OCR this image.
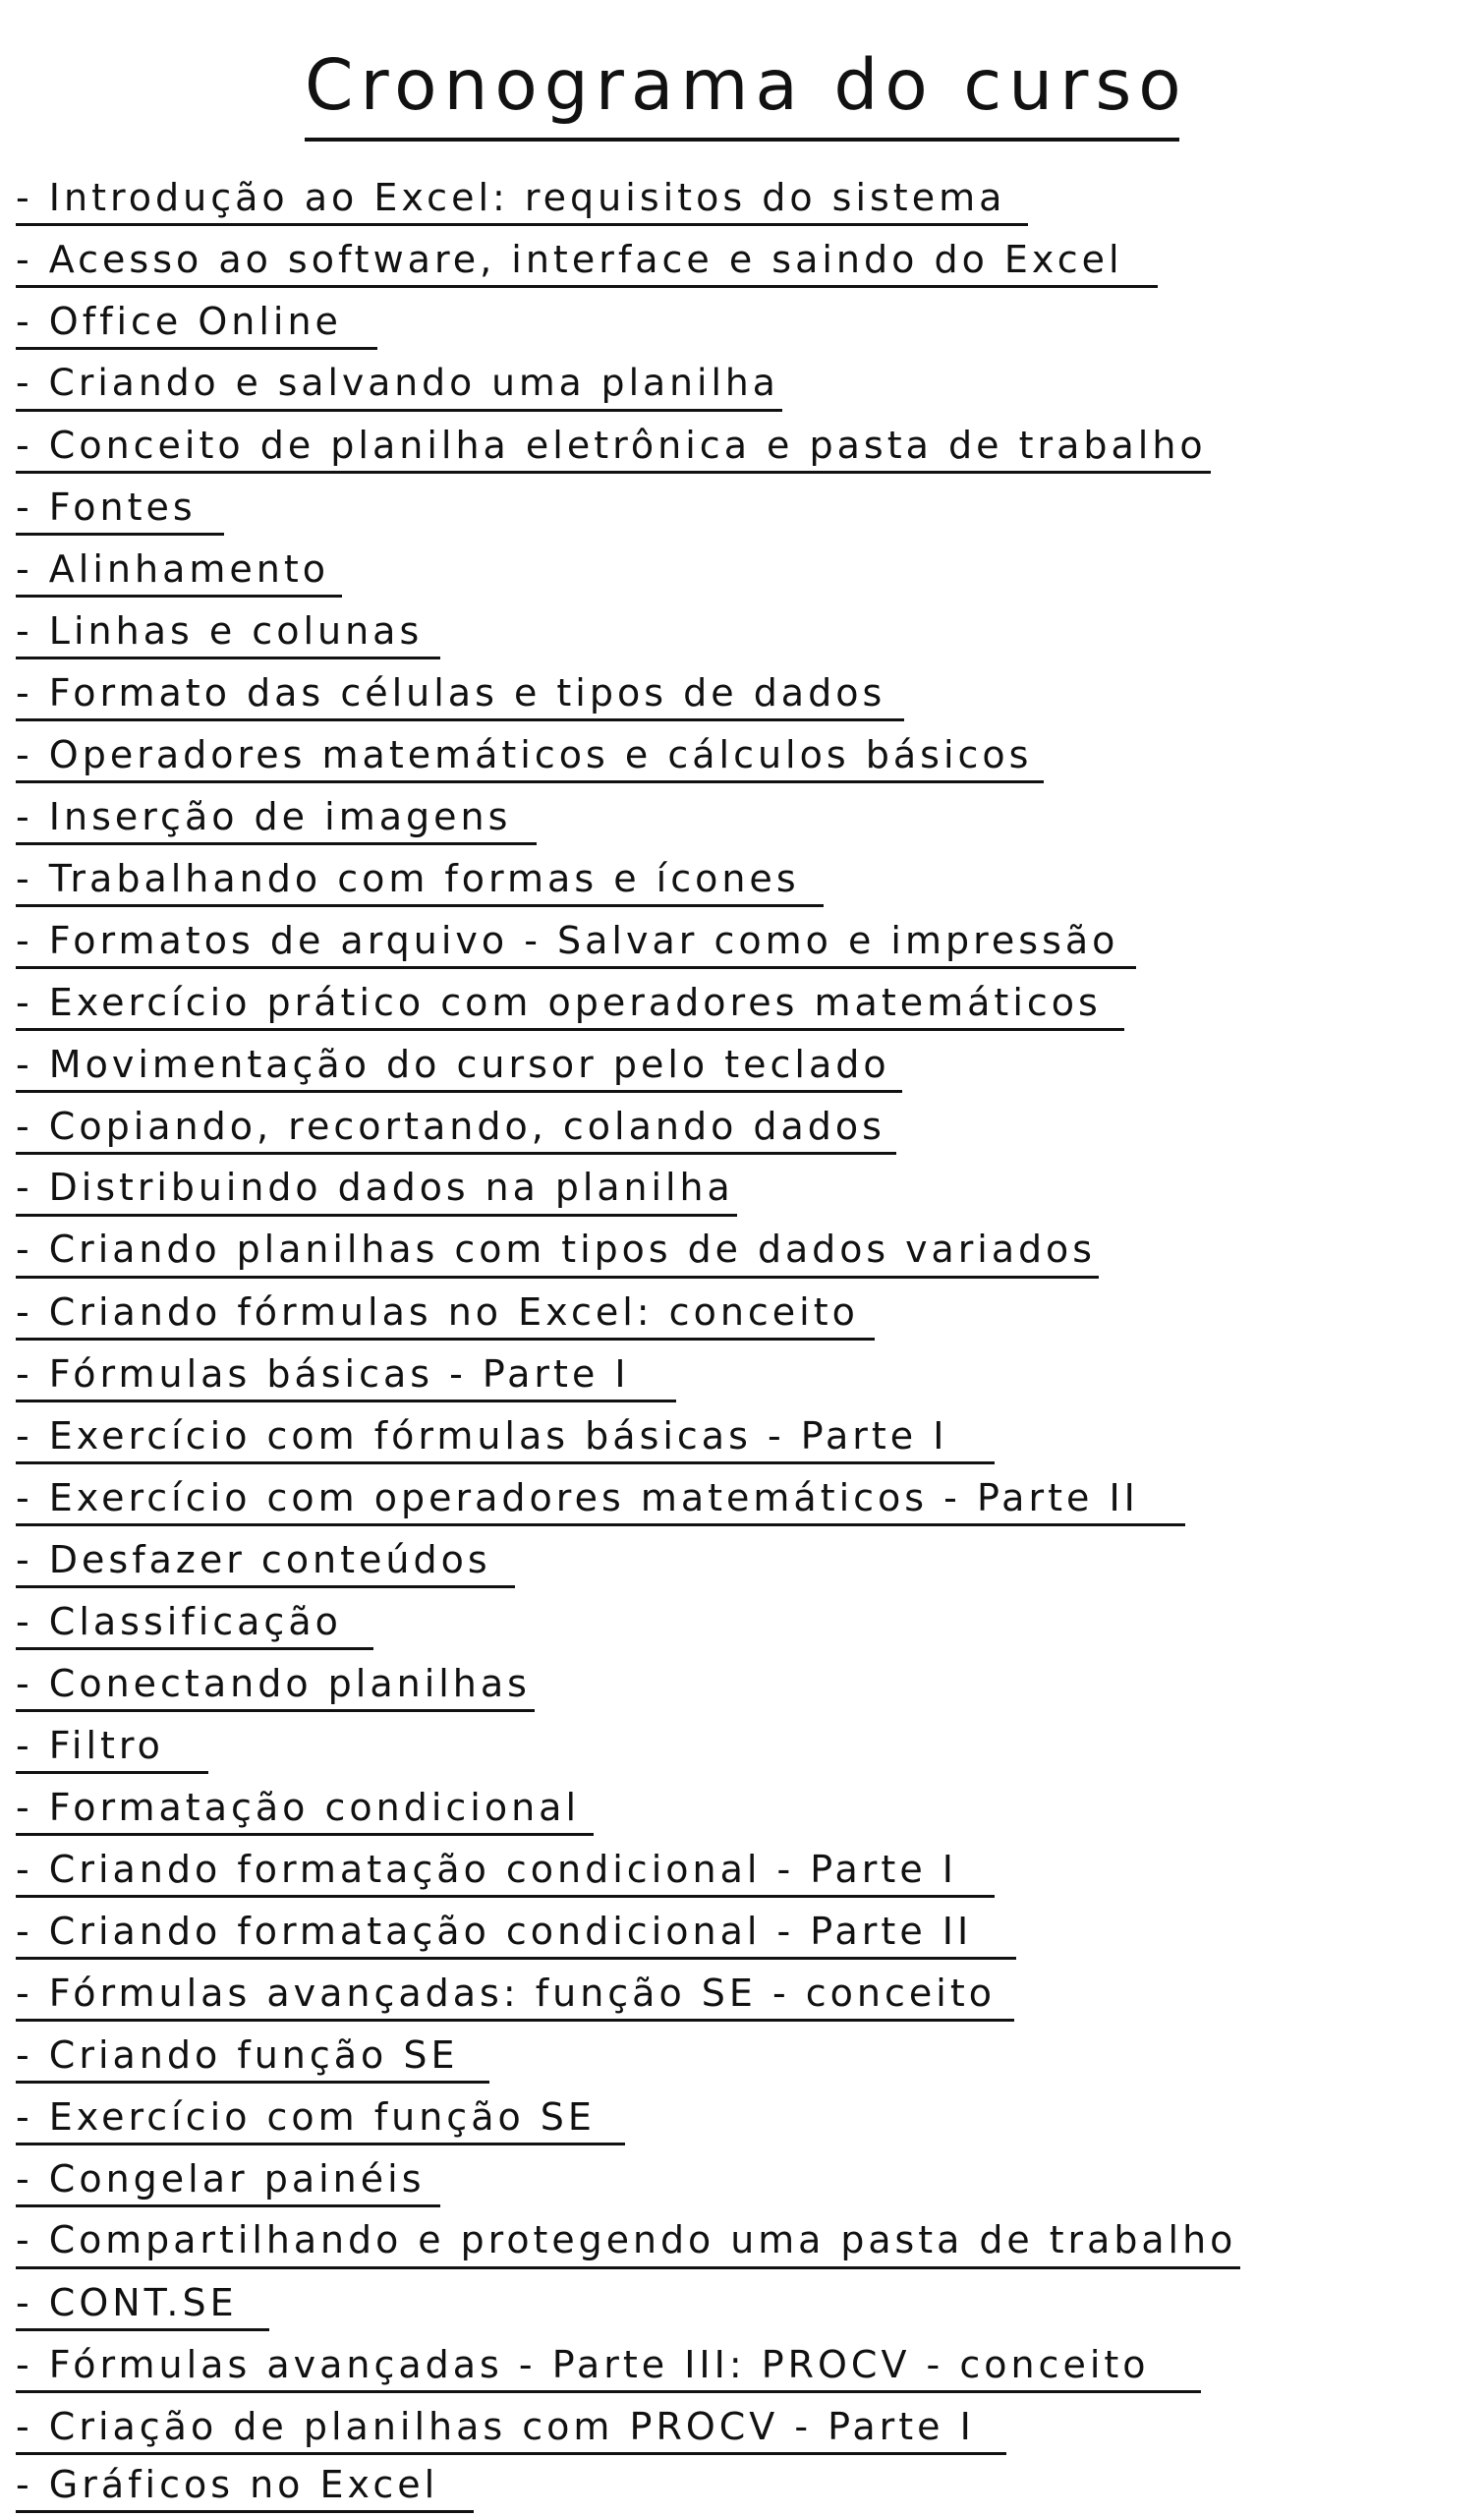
Cronograma do curso
- Introdução ao Excel: requisitos do sistema
- Acesso ao software, interface e saindo do Excel
- Office Online
- Criando e salvando uma planilha
- Conceito de planilha eletrônica e pasta de trabalho
- Fontes
- Alinhamento
- Linhas e colunas
- Formato das células e tipos de dados
- Operadores matemáticos e cálculos básicos
- Inserção de imagens
- Trabalhando com formas e ícones
- Formatos de arquivo - Salvar como e impressão
- Exercício prático com operadores matemáticos
- Movimentação do cursor pelo teclado
- Copiando, recortando, colando dados
- Distribuindo dados na planilha
- Criando planilhas com tipos de dados variados
- Criando fórmulas no Excel: conceito
- Fórmulas básicas - Parte I
- Exercício com fórmulas básicas - Parte I
- Exercício com operadores matemáticos - Parte II
- Desfazer conteúdos
- Classificação
- Conectando planilhas
- Filtro
- Formatação condicional
- Criando formatação condicional - Parte I
- Criando formatação condicional - Parte II
- Fórmulas avançadas: função SE - conceito
- Criando função SE
- Exercício com função SE
- Congelar painéis
- Compartilhando e protegendo uma pasta de trabalho
- CONT.SE
- Fórmulas avançadas - Parte III: PROCV - conceito
- Criação de planilhas com PROCV - Parte I
- Gráficos no Excel
